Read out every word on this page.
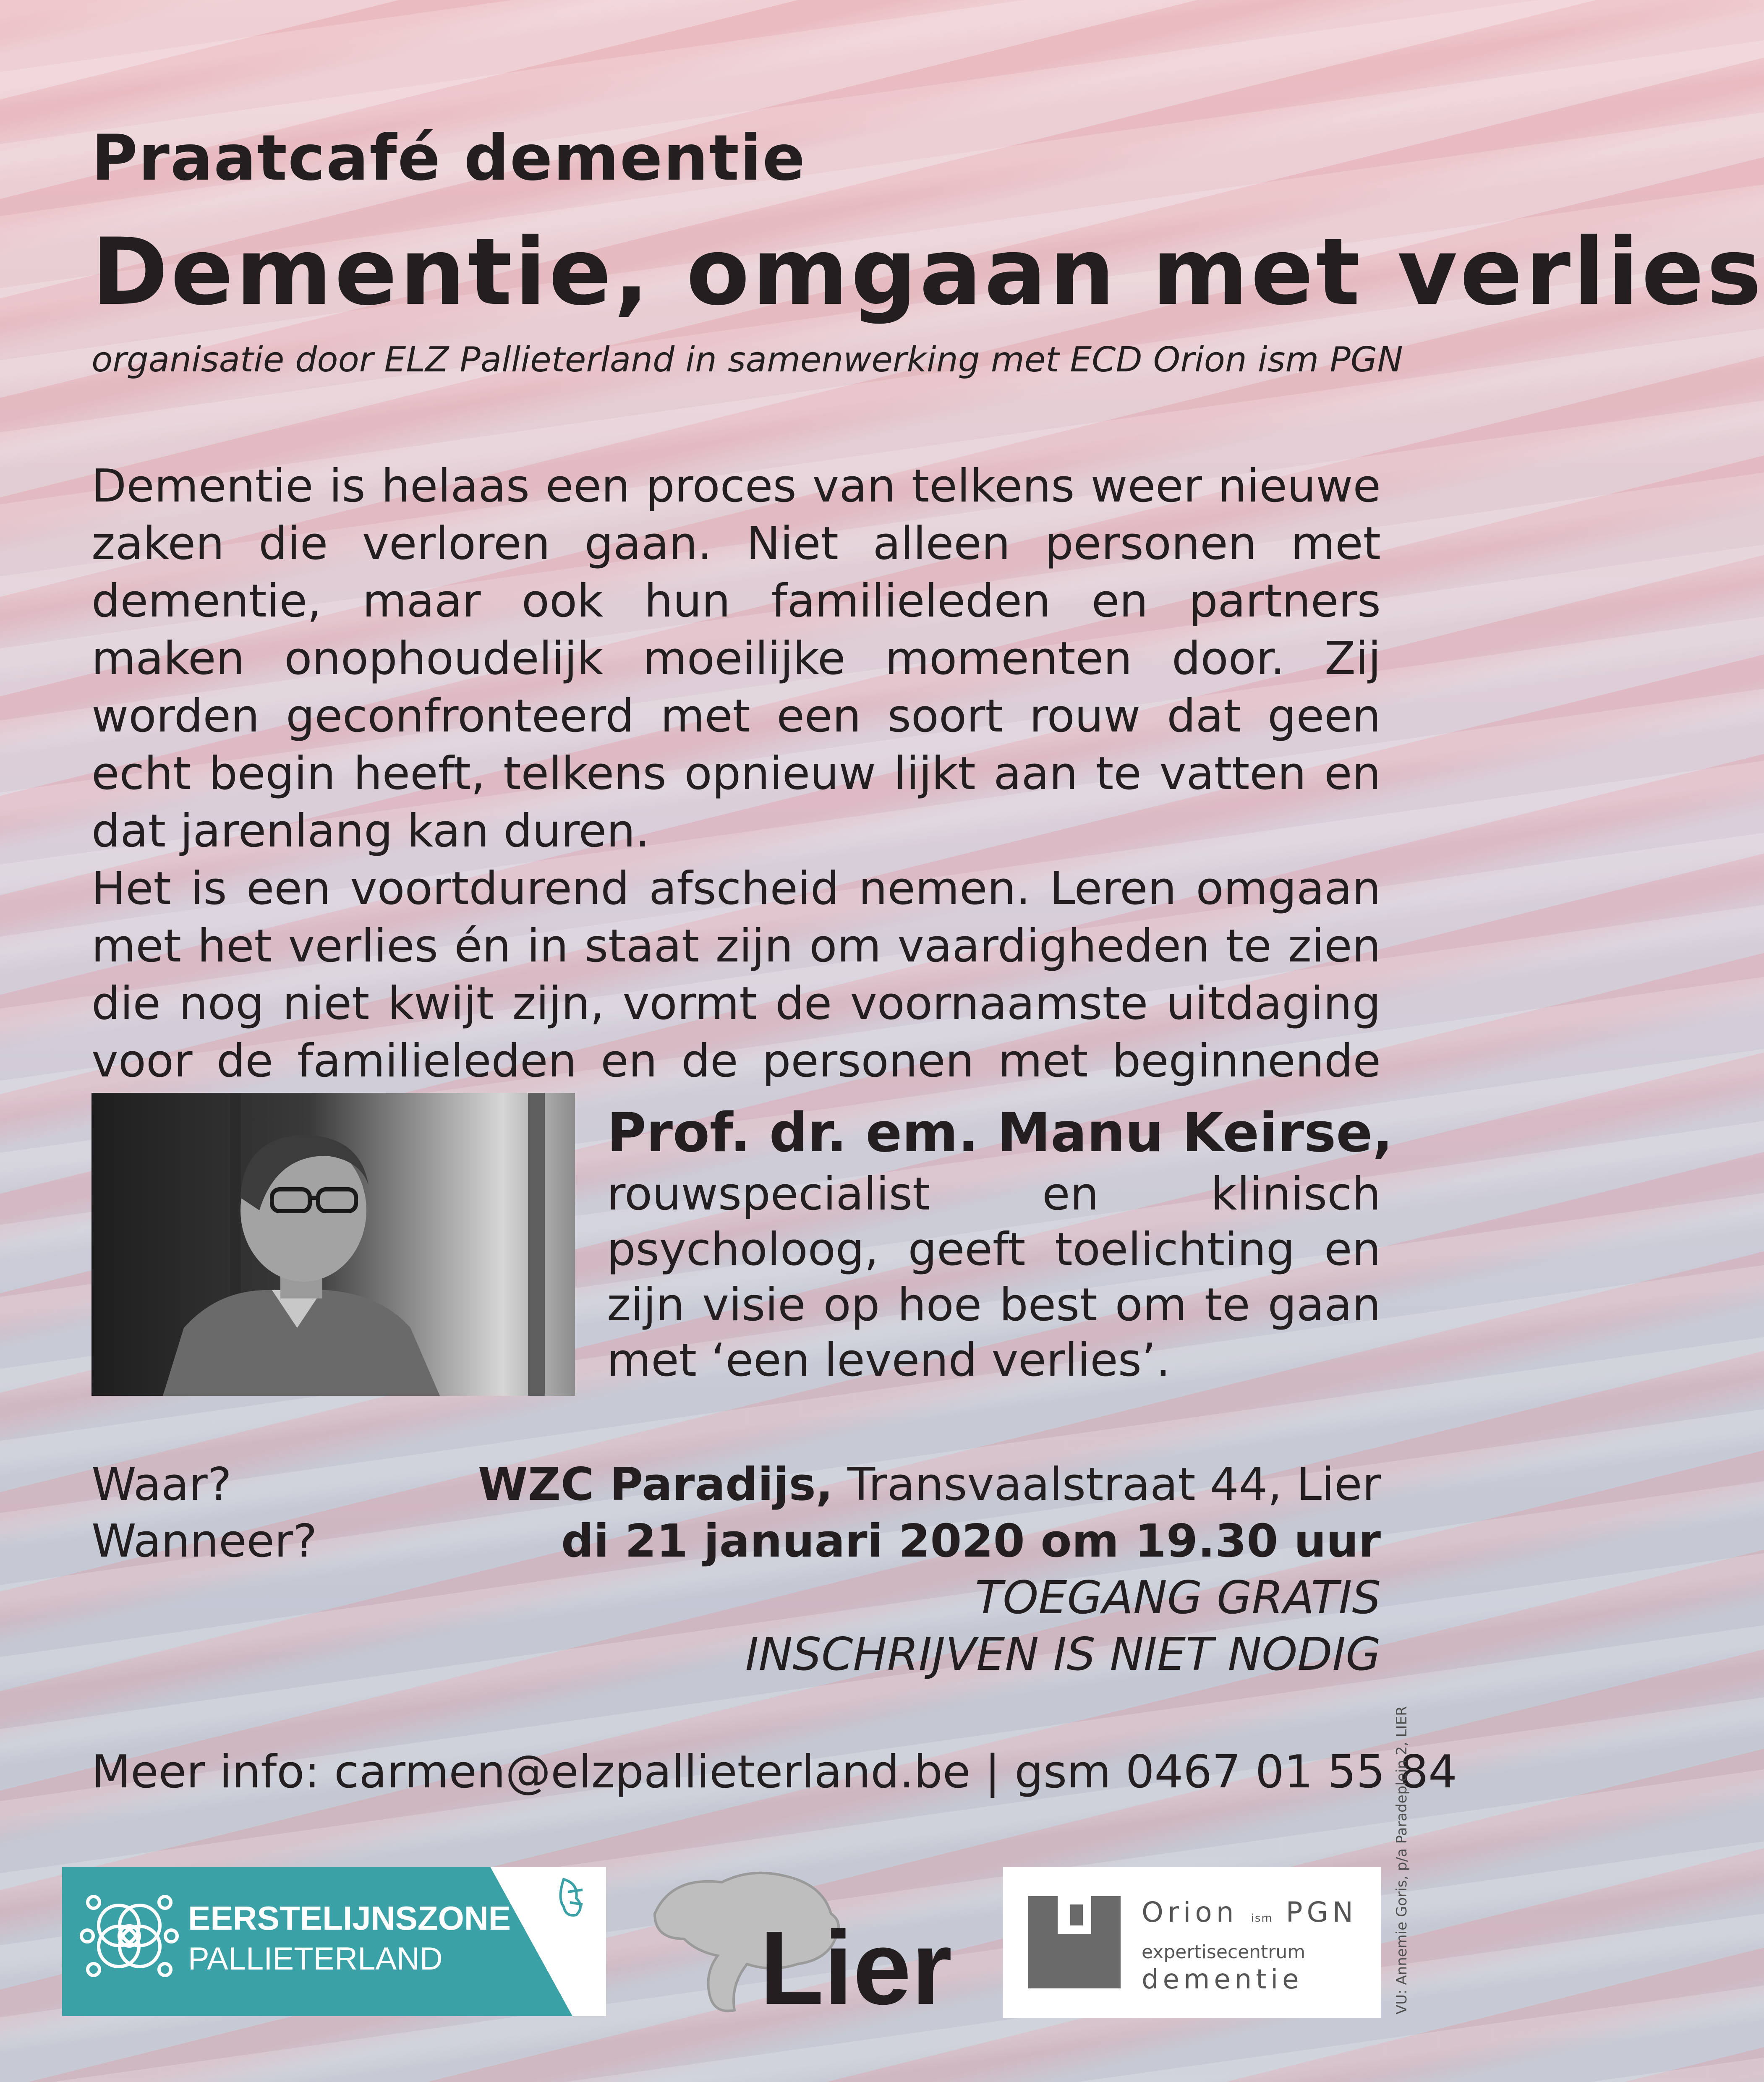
Praatcafé dementie
Dementie, omgaan met verlies
organisatie door ELZ Pallieterland in samenwerking met ECD Orion ism PGN

Dementie is helaas een proces van telkens weer nieuwe zaken die verloren gaan. Niet alleen personen met dementie, maar ook hun familieleden en partners maken onophoudelijk moeilijke momenten door. Zij worden geconfronteerd met een soort rouw dat geen echt begin heeft, telkens opnieuw lijkt aan te vatten en dat jarenlang kan duren.

Het is een voortdurend afscheid nemen. Leren omgaan met het verlies én in staat zijn om vaardigheden te zien die nog niet kwijt zijn, vormt de voornaamste uitdaging voor de familieleden en de personen met beginnende

Prof. dr. em. Manu Keirse,
rouwspecialist en klinisch psycholoog, geeft toelichting en zijn visie op hoe best om te gaan met ‘een levend verlies’.
Waar?
Wanneer?
WZC Paradijs, Transvaalstraat 44, Lier
di 21 januari 2020 om 19.30 uur
TOEGANG GRATIS
INSCHRIJVEN IS NIET NODIG
Meer info: carmen@elzpallieterland.be | gsm 0467 01 55 84
VU: Annemie Goris, p/a Paradeplein 2, LIER
EERSTELIJNSZONE
PALLIETERLAND	Lier	Orion ism PGN
expertisecentrum
dementie
